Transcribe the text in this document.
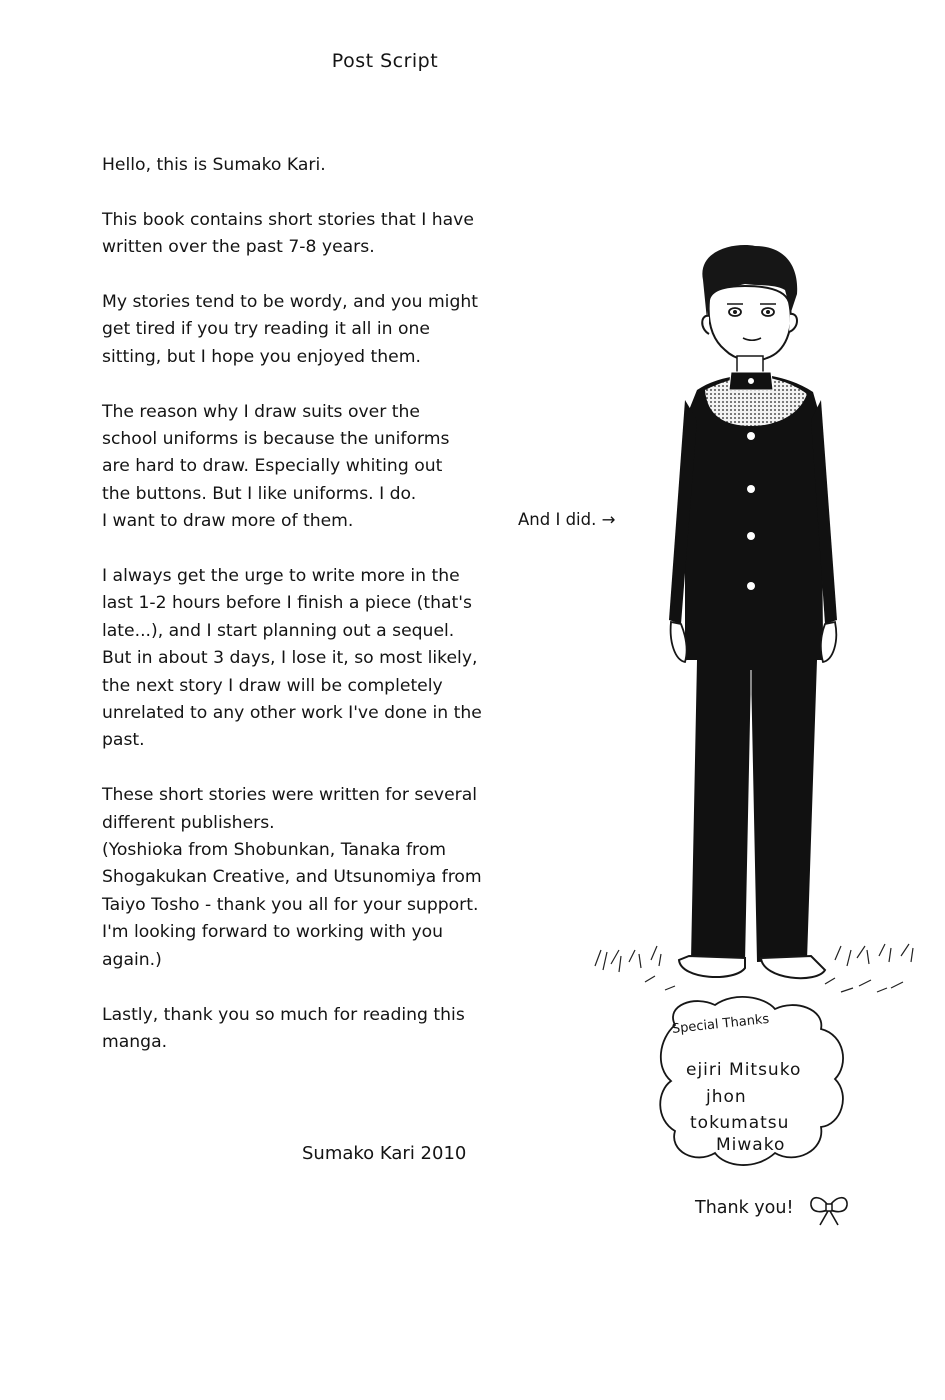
Post Script

Hello, this is Sumako Kari.

This book contains short stories that I have
written over the past 7-8 years.

My stories tend to be wordy, and you might
get tired if you try reading it all in one
sitting, but I hope you enjoyed them.

The reason why I draw suits over the
school uniforms is because the uniforms
are hard to draw. Especially whiting out
the buttons. But I like uniforms. I do.
I want to draw more of them.

I always get the urge to write more in the
last 1-2 hours before I finish a piece (that's
late...), and I start planning out a sequel.
But in about 3 days, I lose it, so most likely,
the next story I draw will be completely
unrelated to any other work I've done in the
past.

These short stories were written for several
different publishers.
(Yoshioka from Shobunkan, Tanaka from
Shogakukan Creative, and Utsunomiya from
Taiyo Tosho - thank you all for your support.
I'm looking forward to working with you
again.)

Lastly, thank you so much for reading this
manga.

And I did. →
Sumako Kari 2010
Special Thanks
ejiri Mitsuko
jhon
tokumatsu
Miwako
Thank you!
